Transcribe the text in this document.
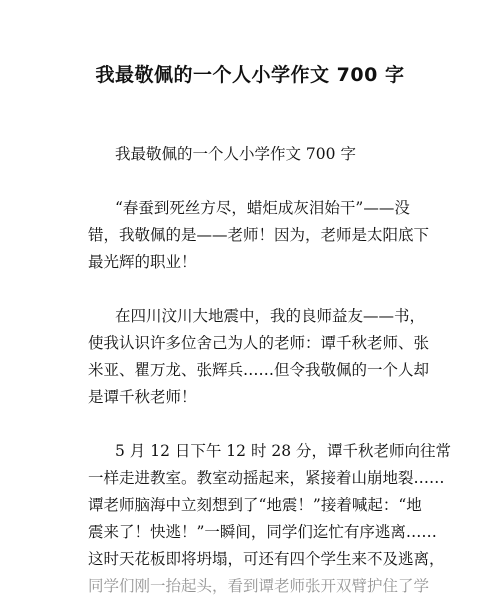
我最敬佩的一个人小学作文 700 字
我最敬佩的一个人小学作文 700 字
“春蚕到死丝方尽，蜡炬成灰泪始干”——没
错，我敬佩的是——老师！因为，老师是太阳底下
最光辉的职业！
在四川汶川大地震中，我的良师益友——书，
使我认识许多位舍己为人的老师：谭千秋老师、张
米亚、瞿万龙、张辉兵……但令我敬佩的一个人却
是谭千秋老师！
5 月 12 日下午 12 时 28 分，谭千秋老师向往常
一样走进教室。教室动摇起来，紧接着山崩地裂……
谭老师脑海中立刻想到了“地震！”接着喊起：“地
震来了！快逃！”一瞬间，同学们迄忙有序逃离……
这时天花板即将坍塌，可还有四个学生来不及逃离，
同学们刚一抬起头，看到谭老师张开双臂护住了学
